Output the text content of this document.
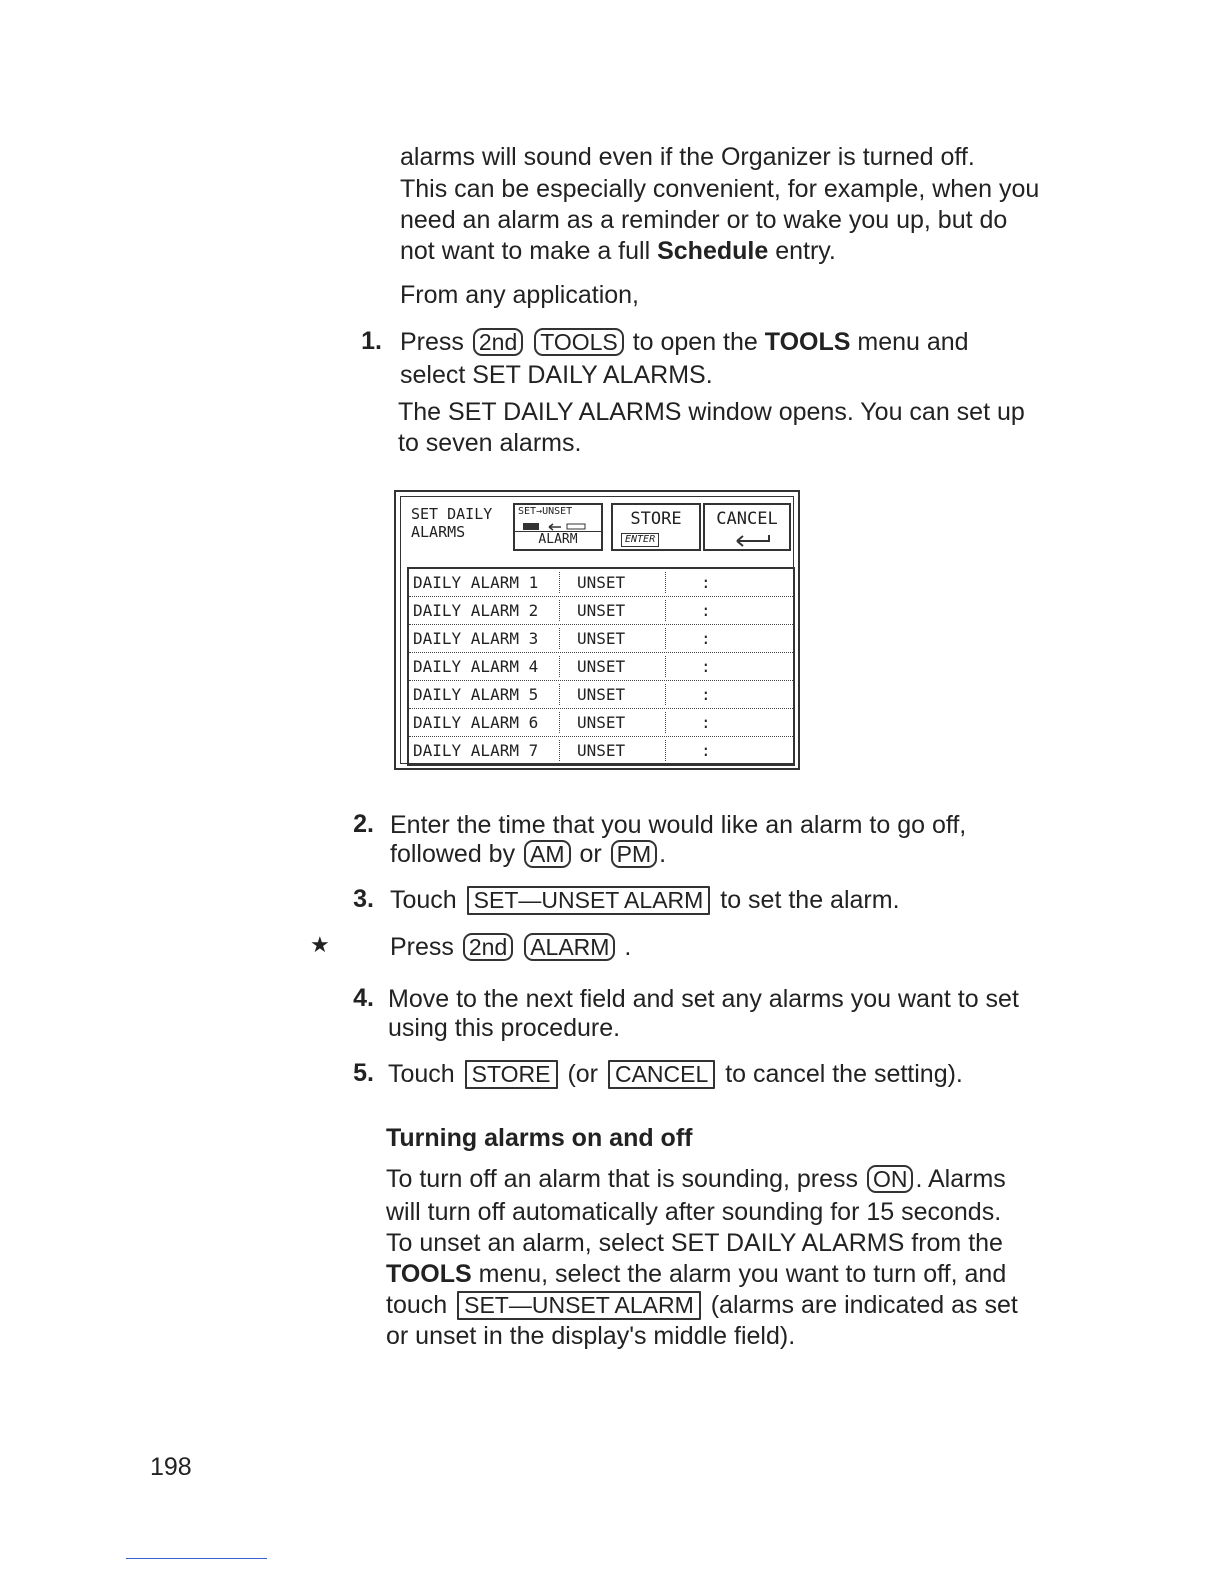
alarms will sound even if the Organizer is turned off.
This can be especially convenient, for example, when you
need an alarm as a reminder or to wake you up, but do
not want to make a full Schedule entry.
From any application,
1. Press 2nd TOOLS to open the TOOLS menu and
select SET DAILY ALARMS.
The SET DAILY ALARMS window opens. You can set up
to seven alarms.
SET DAILY
ALARMS
SET→UNSET
ALARM
STORE
ENTER
CANCEL
DAILY ALARM 1 UNSET	:
DAILY ALARM 2 UNSET	:
DAILY ALARM 3 UNSET	:
DAILY ALARM 4 UNSET	:
DAILY ALARM 5 UNSET	:
DAILY ALARM 6 UNSET	:
DAILY ALARM 7 UNSET	:
2. Enter the time that you would like an alarm to go off,
followed by AM or PM .
3. Touch SET—UNSET ALARM to set the alarm.
★ Press 2nd ALARM .
4. Move to the next field and set any alarms you want to set
using this procedure.
5. Touch STORE (or CANCEL to cancel the setting).
Turning alarms on and off
To turn off an alarm that is sounding, press ON . Alarms
will turn off automatically after sounding for 15 seconds.
To unset an alarm, select SET DAILY ALARMS from the
TOOLS menu, select the alarm you want to turn off, and
touch SET—UNSET ALARM (alarms are indicated as set
or unset in the display's middle field).
198
